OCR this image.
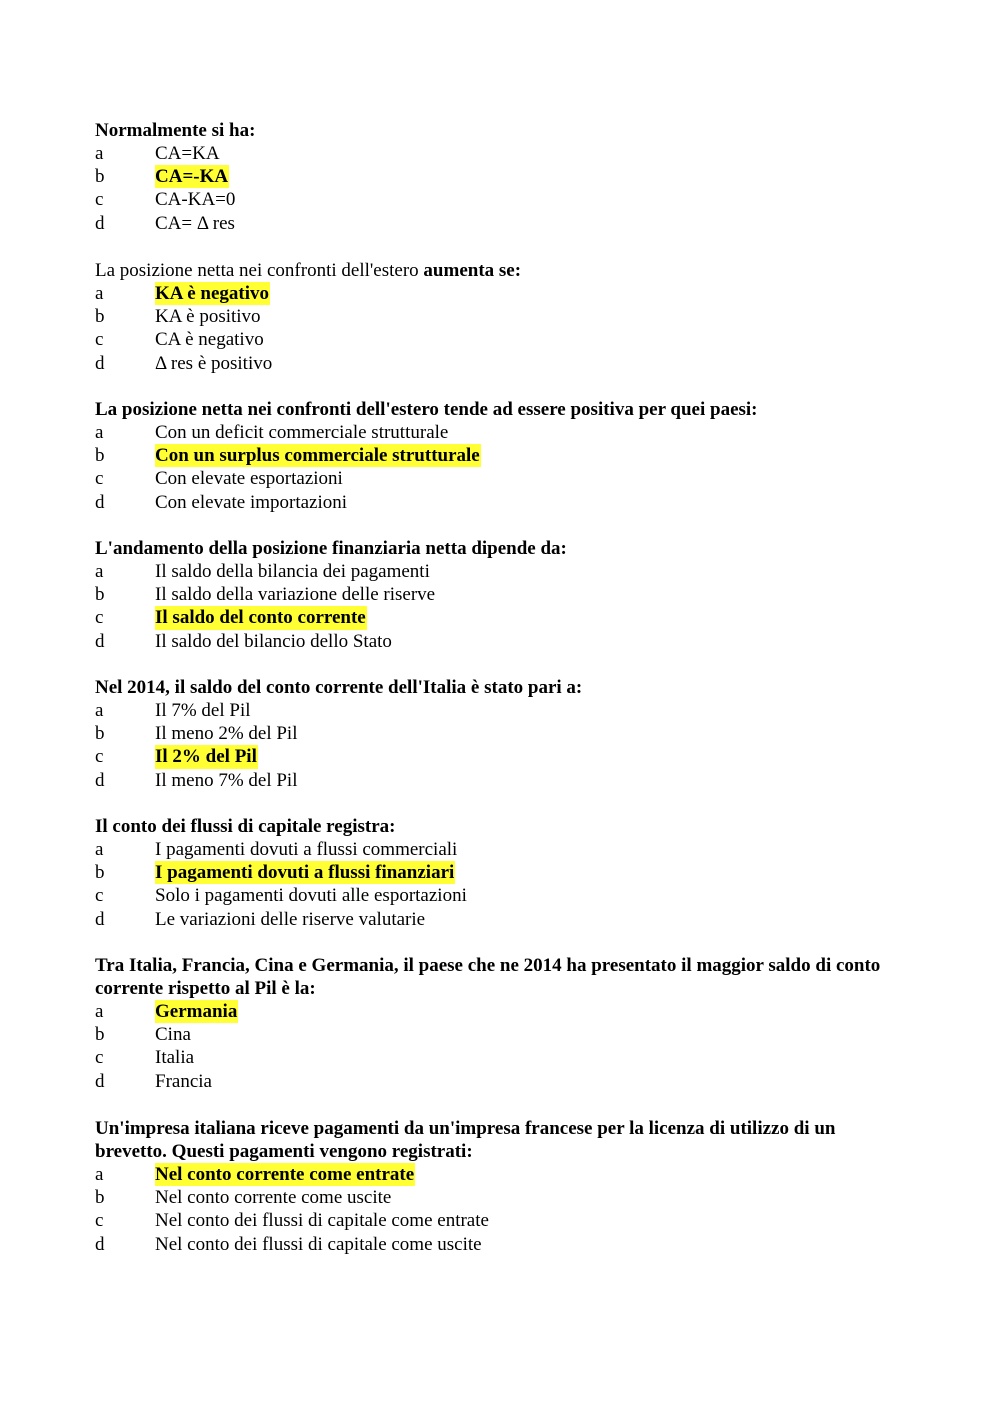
Normalmente si ha:

a	CA=KA
b	CA=-KA
c	CA-KA=0
d	CA= Δ res

La posizione netta nei confronti dell'estero aumenta se:

a	KA è negativo
b	KA è positivo
c	CA è negativo
d	Δ res è positivo

La posizione netta nei confronti dell'estero tende ad essere positiva per quei paesi:

a	Con un deficit commerciale strutturale
b	Con un surplus commerciale strutturale
c	Con elevate esportazioni
d	Con elevate importazioni

L'andamento della posizione finanziaria netta dipende da:

a	Il saldo della bilancia dei pagamenti
b	Il saldo della variazione delle riserve
c	Il saldo del conto corrente
d	Il saldo del bilancio dello Stato

Nel 2014, il saldo del conto corrente dell'Italia è stato pari a:

a	Il 7% del Pil
b	Il meno 2% del Pil
c	Il 2% del Pil
d	Il meno 7% del Pil

Il conto dei flussi di capitale registra:

a	I pagamenti dovuti a flussi commerciali
b	I pagamenti dovuti a flussi finanziari
c	Solo i pagamenti dovuti alle esportazioni
d	Le variazioni delle riserve valutarie

Tra Italia, Francia, Cina e Germania, il paese che ne 2014 ha presentato il maggior saldo di conto corrente rispetto al Pil è la:

a	Germania
b	Cina
c	Italia
d	Francia

Un'impresa italiana riceve pagamenti da un'impresa francese per la licenza di utilizzo di un brevetto. Questi pagamenti vengono registrati:

a	Nel conto corrente come entrate
b	Nel conto corrente come uscite
c	Nel conto dei flussi di capitale come entrate
d	Nel conto dei flussi di capitale come uscite
